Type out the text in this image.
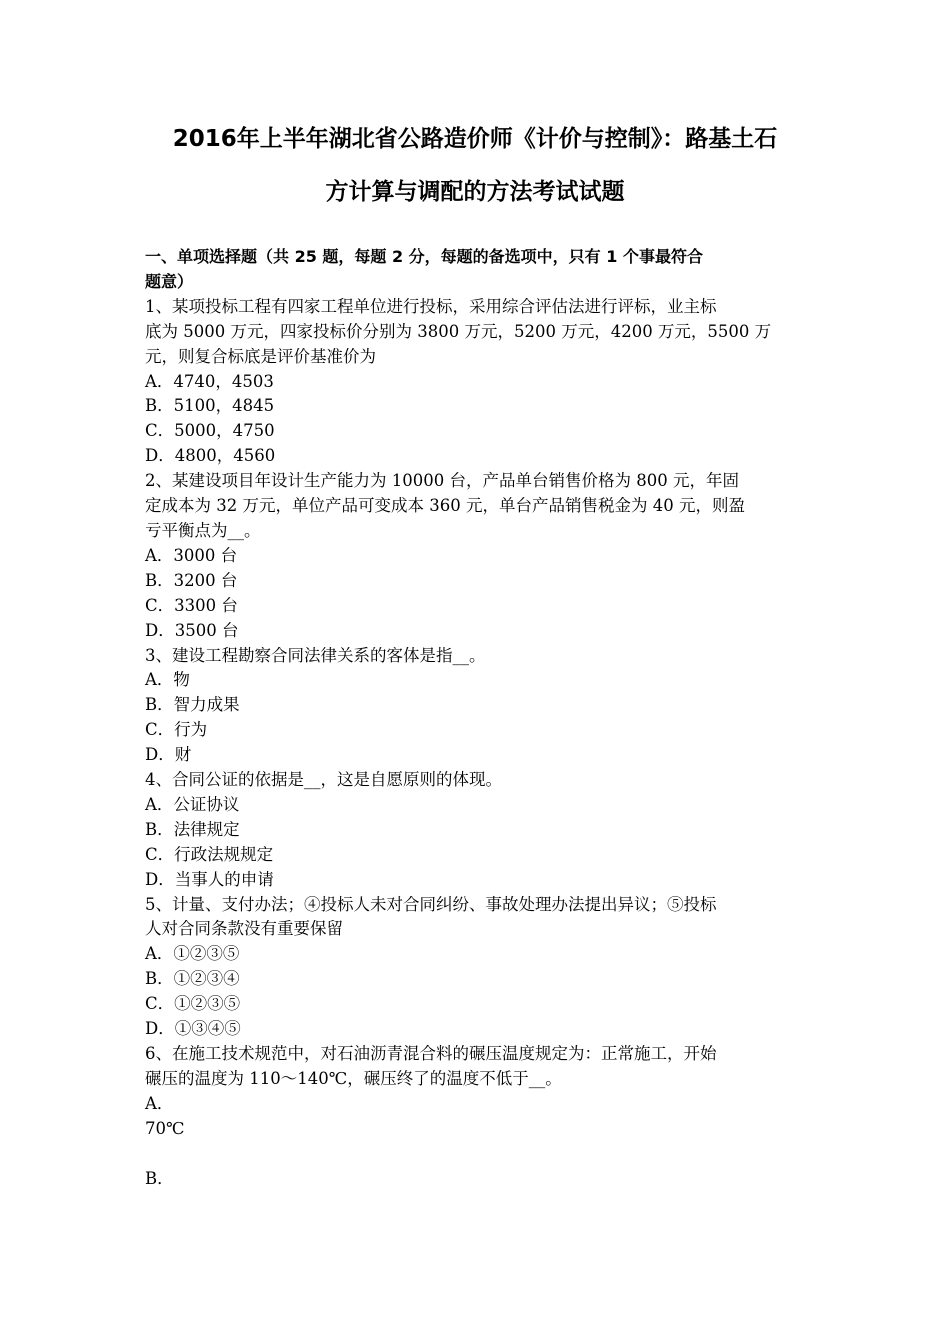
2016年上半年湖北省公路造价师《计价与控制》：路基土石
方计算与调配的方法考试试题
一、单项选择题（共 25 题，每题 2 分，每题的备选项中，只有 1 个事最符合
题意）
1、某项投标工程有四家工程单位进行投标，采用综合评估法进行评标，业主标
底为 5000 万元，四家投标价分别为 3800 万元，5200 万元，4200 万元，5500 万
元，则复合标底是评价基准价为
A．4740，4503
B．5100，4845
C．5000，4750
D．4800，4560
2、某建设项目年设计生产能力为 10000 台，产品单台销售价格为 800 元，年固
定成本为 32 万元，单位产品可变成本 360 元，单台产品销售税金为 40 元，则盈
亏平衡点为__。
A．3000 台
B．3200 台
C．3300 台
D．3500 台
3、建设工程勘察合同法律关系的客体是指__。
A．物
B．智力成果
C．行为
D．财
4、合同公证的依据是__，这是自愿原则的体现。
A．公证协议
B．法律规定
C．行政法规规定
D．当事人的申请
5、计量、支付办法；④投标人未对合同纠纷、事故处理办法提出异议；⑤投标
人对合同条款没有重要保留
A．①②③⑤
B．①②③④
C．①②③⑤
D．①③④⑤
6、在施工技术规范中，对石油沥青混合料的碾压温度规定为：正常施工，开始
碾压的温度为 110～140℃，碾压终了的温度不低于__。
A．
70℃
B．
